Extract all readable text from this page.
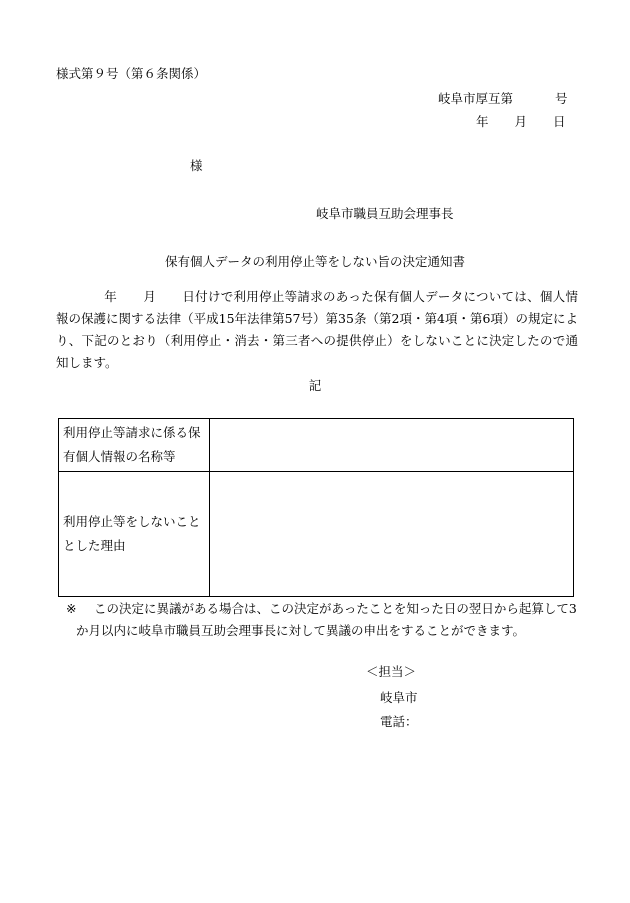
様式第９号（第６条関係）
岐阜市厚互第	号
年 月 日
様
岐阜市職員互助会理事長
保有個人データの利用停止等をしない旨の決定通知書
年 月 日付けで利用停止等請求のあった保有個人データについては、個人情報の保護に関する法律（平成15年法律第57号）第35条（第2項・第4項・第6項）の規定により、下記のとおり（利用停止・消去・第三者への提供停止）をしないことに決定したので通知します。
記
利用停止等請求に係る保有個人情報の名称等	
利用停止等をしないこととした理由	
※	この決定に異議がある場合は、この決定があったことを知った日の翌日から起算して3か月以内に岐阜市職員互助会理事長に対して異議の申出をすることができます。
＜担当＞
岐阜市
電話：
